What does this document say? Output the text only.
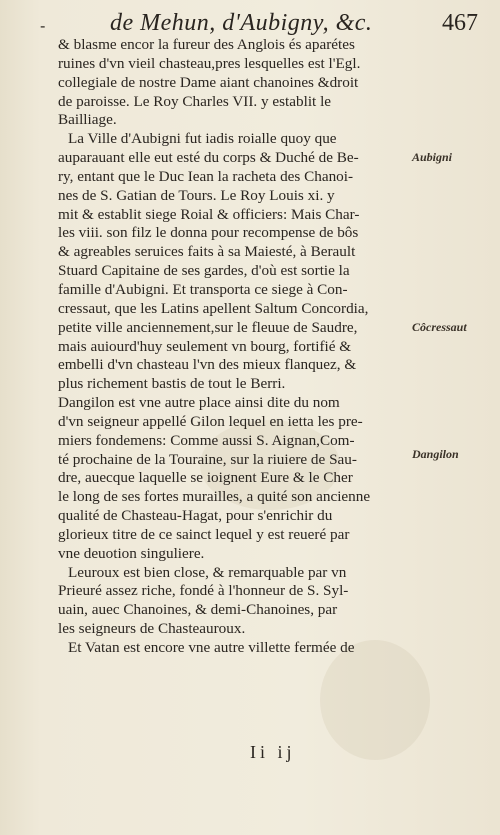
-	de Mehun, d'Aubigny, &c.	467
& blasme encor la fureur des Anglois és aparétes
ruines d'vn vieil chasteau,pres lesquelles est l'Egl.
collegiale de nostre Dame aiant chanoines &droit
de paroisse. Le Roy Charles VII. y establit le
Bailliage.
La Ville d'Aubigni fut iadis roialle quoy que
auparauant elle eut esté du corps & Duché de Be-
ry, entant que le Duc Iean la racheta des Chanoi-
nes de S. Gatian de Tours. Le Roy Louis xi. y
mit & establit siege Roial & officiers: Mais Char-
les viii. son filz le donna pour recompense de bôs
& agreables seruices faits à sa Maiesté, à Berault
Stuard Capitaine de ses gardes, d'où est sortie la
famille d'Aubigni. Et transporta ce siege à Con-
cressaut, que les Latins apellent Saltum Concordia,
petite ville anciennement,sur le fleuue de Saudre,
mais auiourd'huy seulement vn bourg, fortifié &
embelli d'vn chasteau l'vn des mieux flanquez, &
plus richement bastis de tout le Berri.
Dangilon est vne autre place ainsi dite du nom
d'vn seigneur appellé Gilon lequel en ietta les pre-
miers fondemens: Comme aussi S. Aignan,Com-
té prochaine de la Touraine, sur la riuiere de Sau-
dre, auecque laquelle se ioignent Eure & le Cher
le long de ses fortes murailles, a quité son ancienne
qualité de Chasteau-Hagat, pour s'enrichir du
glorieux titre de ce sainct lequel y est reueré par
vne deuotion singuliere.
Leuroux est bien close, & remarquable par vn
Prieuré assez riche, fondé à l'honneur de S. Syl-
uain, auec Chanoines, & demi-Chanoines, par
les seigneurs de Chasteauroux.
Et Vatan est encore vne autre villette fermée de
Aubigni
Côcressaut
Dangilon
Ii ij
